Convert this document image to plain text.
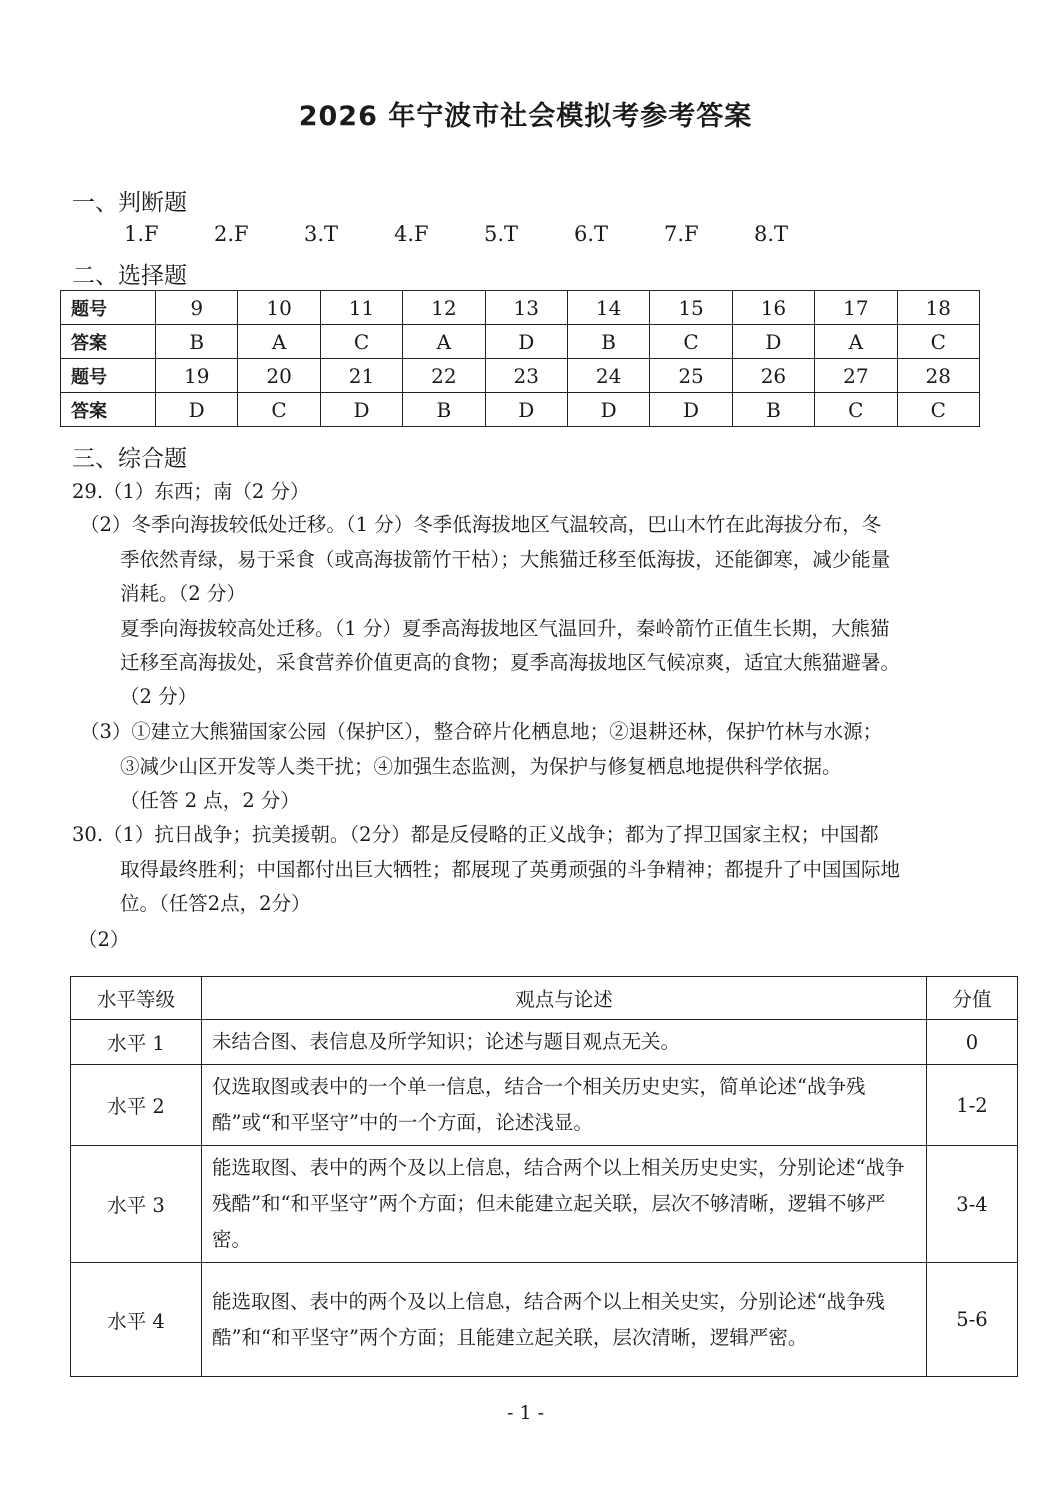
2026 年宁波市社会模拟考参考答案
一、判断题
1.F	2.F	3.T	4.F	5.T	6.T	7.F	8.T
二、选择题
题号	9	10	11	12	13	14	15	16	17	18
答案	B	A	C	A	D	B	C	D	A	C
题号	19	20	21	22	23	24	25	26	27	28
答案	D	C	D	B	D	D	D	B	C	C
三、综合题
29.（1）东西；南（2 分）
（2）冬季向海拔较低处迁移。（1 分）冬季低海拔地区气温较高，巴山木竹在此海拔分布，冬
季依然青绿，易于采食（或高海拔箭竹干枯）；大熊猫迁移至低海拔，还能御寒，减少能量
消耗。（2 分）
夏季向海拔较高处迁移。（1 分）夏季高海拔地区气温回升，秦岭箭竹正值生长期，大熊猫
迁移至高海拔处，采食营养价值更高的食物；夏季高海拔地区气候凉爽，适宜大熊猫避暑。
（2 分）
（3）①建立大熊猫国家公园（保护区），整合碎片化栖息地；②退耕还林，保护竹林与水源；
③减少山区开发等人类干扰；④加强生态监测，为保护与修复栖息地提供科学依据。
（任答 2 点，2 分）
30.（1）抗日战争；抗美援朝。（2分）都是反侵略的正义战争；都为了捍卫国家主权；中国都
取得最终胜利；中国都付出巨大牺牲；都展现了英勇顽强的斗争精神；都提升了中国国际地
位。（任答2点，2分）
（2）
水平等级	观点与论述	分值
水平 1	未结合图、表信息及所学知识；论述与题目观点无关。	0
水平 2	仅选取图或表中的一个单一信息，结合一个相关历史史实，简单论述“战争残酷”或“和平坚守”中的一个方面，论述浅显。	1-2
水平 3	能选取图、表中的两个及以上信息，结合两个以上相关历史史实，分别论述“战争残酷”和“和平坚守”两个方面；但未能建立起关联，层次不够清晰，逻辑不够严密。	3-4
水平 4	能选取图、表中的两个及以上信息，结合两个以上相关史实，分别论述“战争残酷”和“和平坚守”两个方面；且能建立起关联，层次清晰，逻辑严密。	5-6
- 1 -
